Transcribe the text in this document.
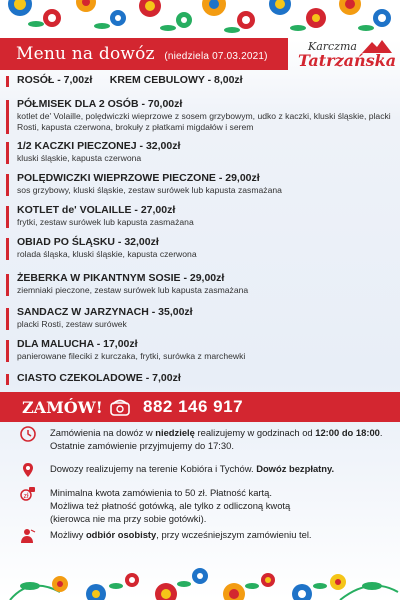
Menu na dowóz (niedziela 07.03.2021)
Karczma
Tatrzańska
ROSÓŁ - 7,00zł      KREM CEBULOWY - 8,00zł
PÓŁMISEK DLA 2 OSÓB - 70,00zł
kotlet de' Volaille, polędwiczki wieprzowe z sosem grzybowym, udko z kaczki, kluski śląskie, placki Rosti, kapusta czerwona, brokuły z płatkami migdałów i serem
1/2 KACZKI PIECZONEJ - 32,00zł
kluski śląskie, kapusta czerwona
POLĘDWICZKI WIEPRZOWE PIECZONE - 29,00zł
sos grzybowy, kluski śląskie, zestaw surówek lub kapusta zasmażana
KOTLET de' VOLAILLE - 27,00zł
frytki, zestaw surówek lub kapusta zasmażana
OBIAD PO ŚLĄSKU - 32,00zł
rolada śląska, kluski śląskie, kapusta czerwona
ŻEBERKA W PIKANTNYM SOSIE - 29,00zł
ziemniaki pieczone, zestaw surówek lub kapusta zasmażana
SANDACZ W JARZYNACH - 35,00zł
placki Rosti, zestaw surówek
DLA MALUCHA - 17,00zł
panierowane fileciki z kurczaka, frytki, surówka z marchewki
CIASTO CZEKOLADOWE - 7,00zł
ZAMÓW! 882 146 917
Zamówienia na dowóz w niedzielę realizujemy w godzinach od 12:00 do 18:00. Ostatnie zamówienie przyjmujemy do 17:30.
Dowozy realizujemy na terenie Kobióra i Tychów. Dowóz bezpłatny.
zł Minimalna kwota zamówienia to 50 zł. Płatność kartą.
Możliwa też płatność gotówką, ale tylko z odliczoną kwotą
(kierowca nie ma przy sobie gotówki).
Możliwy odbiór osobisty, przy wcześniejszym zamówieniu tel.
